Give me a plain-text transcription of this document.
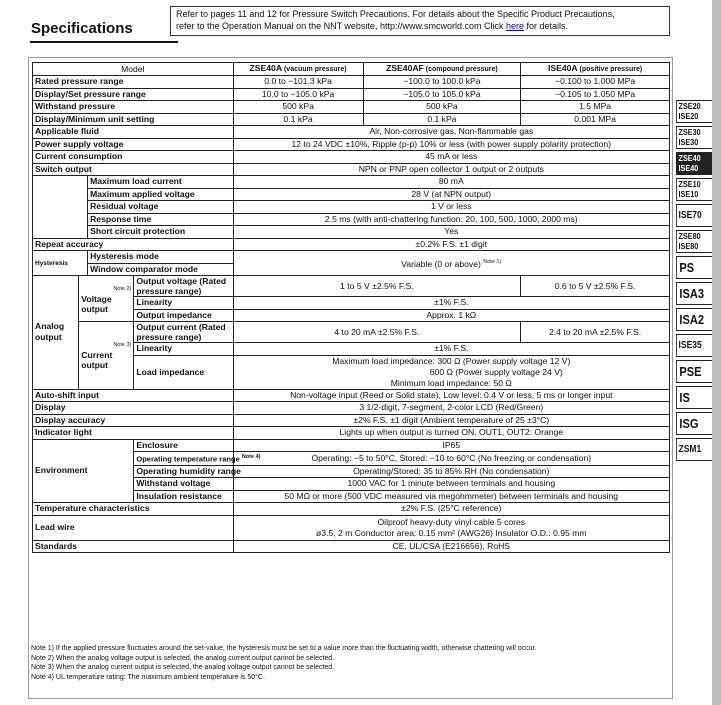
Specifications
Refer to pages 11 and 12 for Pressure Switch Precautions. For details about the Specific Product Precautions,
refer to the Operation Manual on the NNT website, http://www.smcworld.com Click here for details.
Model				ZSE40A (vacuum pressure)	ZSE40AF (compound pressure)	ISE40A (positive pressure)
Rated pressure range				0.0 to −101.3 kPa	−100.0 to 100.0 kPa	−0.100 to 1.000 MPa
Display/Set pressure range				10.0 to −105.0 kPa	−105.0 to 105.0 kPa	−0.105 to 1.050 MPa
Withstand pressure				500 kPa	500 kPa	1.5 MPa
Display/Minimum unit setting				0.1 kPa	0.1 kPa	0.001 MPa
Applicable fluid				Air, Non-corrosive gas, Non-flammable gas		
Power supply voltage				12 to 24 VDC ±10%, Ripple (p-p) 10% or less (with power supply polarity protection)		
Current consumption				45 mA or less		
Switch output				NPN or PNP open collector 1 output or 2 outputs		
		Maximum load current		80 mA		
		Maximum applied voltage		28 V (at NPN output)		
		Residual voltage		1 V or less		
		Response time		2.5 ms (with anti-chattering function: 20, 100, 500, 1000, 2000 ms)		
		Short circuit protection		Yes		
Repeat accuracy				±0.2% F.S. ±1 digit		
Hysteresis		Hysteresis mode		Variable (0 or above) $^{Note 1)}$
		Window comparator mode				
Analog output	Note 2)
Voltage output		Output voltage (Rated pressure range)	1 to 5 V ±2.5% F.S.		0.6 to 5 V ±2.5% F.S.

			Linearity	±1% F.S.		
			Output impedance	Approx. 1 kΩ		

	Note 3)
Current output		Output current (Rated pressure range)	4 to 20 mA ±2.5% F.S.		2.4 to 20 mA ±2.5% F.S.

			Linearity	±1% F.S.		
			Load impedance	Maximum load impedance: 300 Ω (Power supply voltage 12 V)
600 Ω (Power supply voltage 24 V)
Minimum load impedance: 50 Ω		

Auto-shift input				Non-voltage input (Reed or Solid state), Low level: 0.4 V or less, 5 ms or longer input		
Display				3 1/2-digit, 7-segment, 2-color LCD (Red/Green)		
Display accuracy				±2% F.S. ±1 digit (Ambient temperature of 25 ±3°C)		
Indicator light				Lights up when output is turned ON. OUT1, OUT2: Orange		
Environment			Enclosure	IP65		
			Operating temperature range $^{Note 4)}$	Operating: −5 to 50°C, Stored: −10 to 60°C (No freezing or condensation)		
			Operating humidity range	Operating/Stored: 35 to 85% RH (No condensation)		
			Withstand voltage	1000 VAC for 1 minute between terminals and housing		
			Insulation resistance	50 MΩ or more (500 VDC measured via megohmmeter) between terminals and housing		
Temperature characteristics				±2% F.S. (25°C reference)		
Lead wire				Oilproof heavy-duty vinyl cable 5 cores
ø3.5, 2 m Conductor area: 0.15 mm² (AWG26) Insulator O.D.: 0.95 mm		

Standards				CE, UL/CSA (E216656), RoHS		
Note 1) If the applied pressure fluctuates around the set-value, the hysteresis must be set to a value more than the fluctuating width, otherwise chattering will occur.
Note 2) When the analog voltage output is selected, the analog current output cannot be selected.
Note 3) When the analog current output is selected, the analog voltage output cannot be selected.
Note 4) UL temperature rating: The maximum ambient temperature is 50°C.
ZSE20
ISE20
ZSE30
ISE30
ZSE40
ISE40
ZSE10
ISE10
ISE70
ZSE80
ISE80
PS
ISA3
ISA2
ISE35
PSE
IS
ISG
ZSM1
